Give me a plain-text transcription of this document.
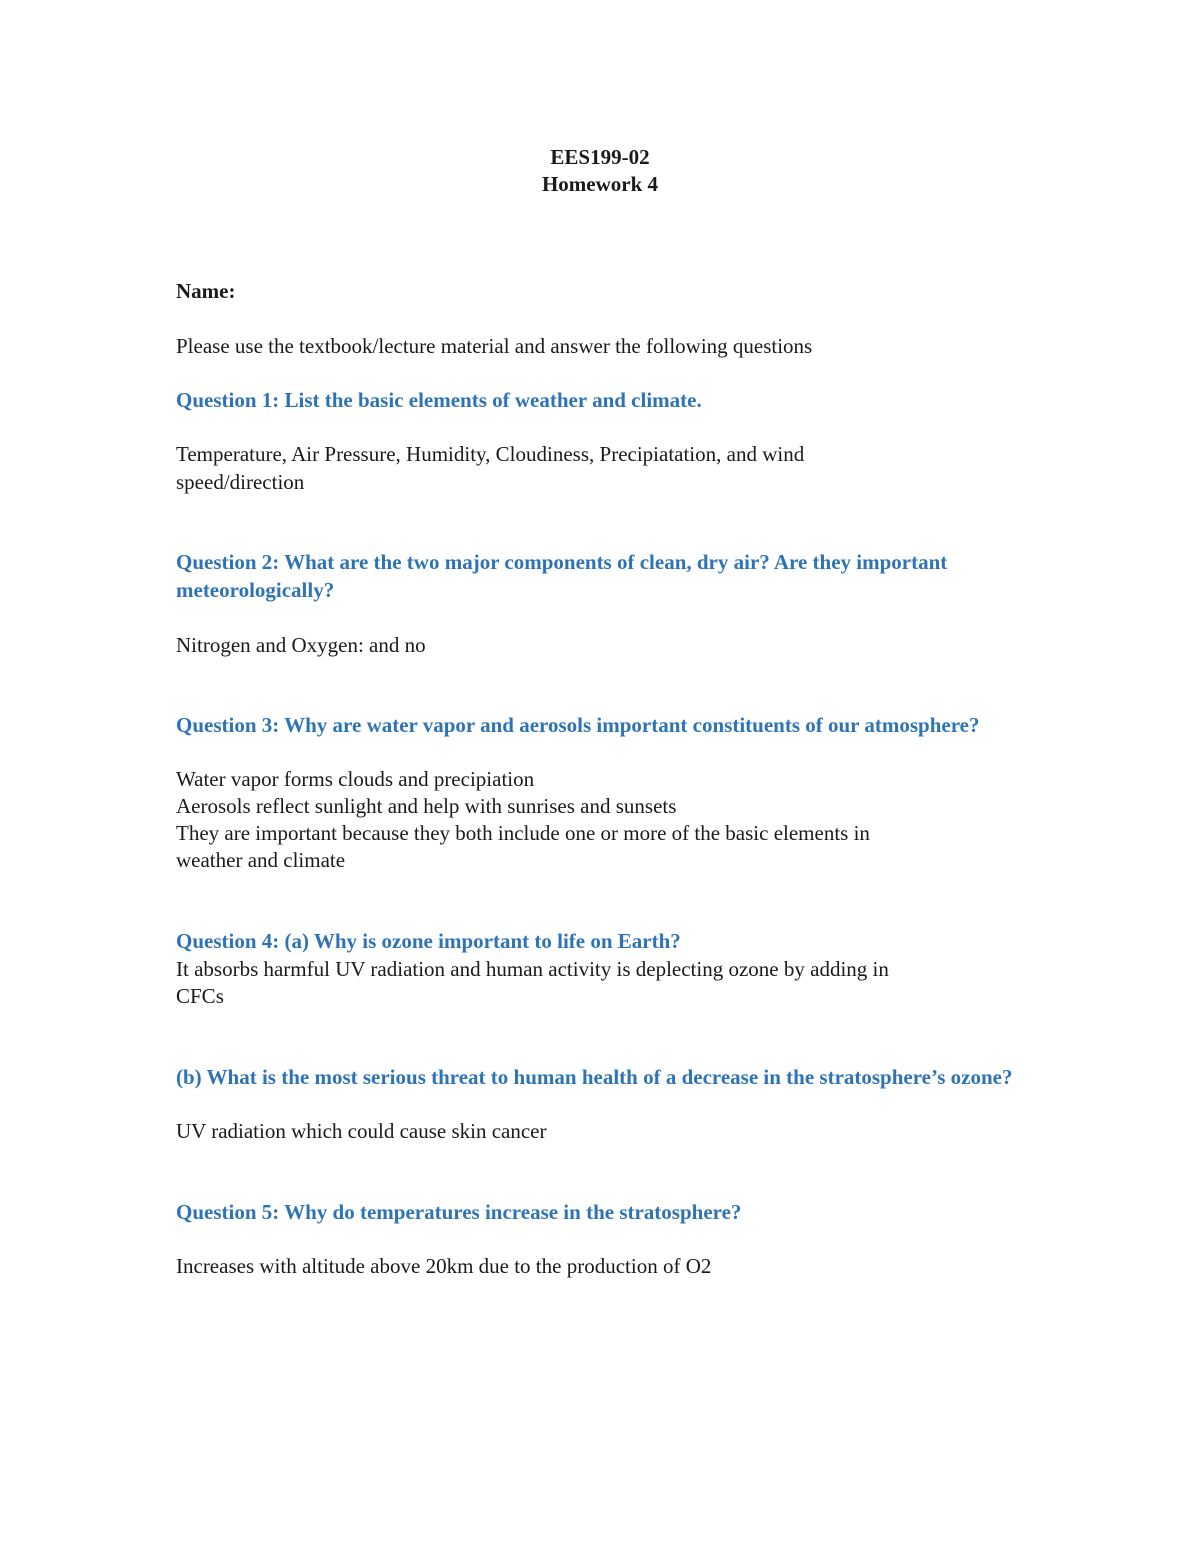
EES199-02
Homework 4
Name:
Please use the textbook/lecture material and answer the following questions
Question 1: List the basic elements of weather and climate.
Temperature, Air Pressure, Humidity, Cloudiness, Precipiatation, and wind
speed/direction
Question 2: What are the two major components of clean, dry air? Are they important
meteorologically?
Nitrogen and Oxygen: and no
Question 3: Why are water vapor and aerosols important constituents of our atmosphere?
Water vapor forms clouds and precipiation
Aerosols reflect sunlight and help with sunrises and sunsets
They are important because they both include one or more of the basic elements in
weather and climate
Question 4: (a) Why is ozone important to life on Earth?
It absorbs harmful UV radiation and human activity is deplecting ozone by adding in
CFCs
(b) What is the most serious threat to human health of a decrease in the stratosphere’s ozone?
UV radiation which could cause skin cancer
Question 5: Why do temperatures increase in the stratosphere?
Increases with altitude above 20km due to the production of O2
